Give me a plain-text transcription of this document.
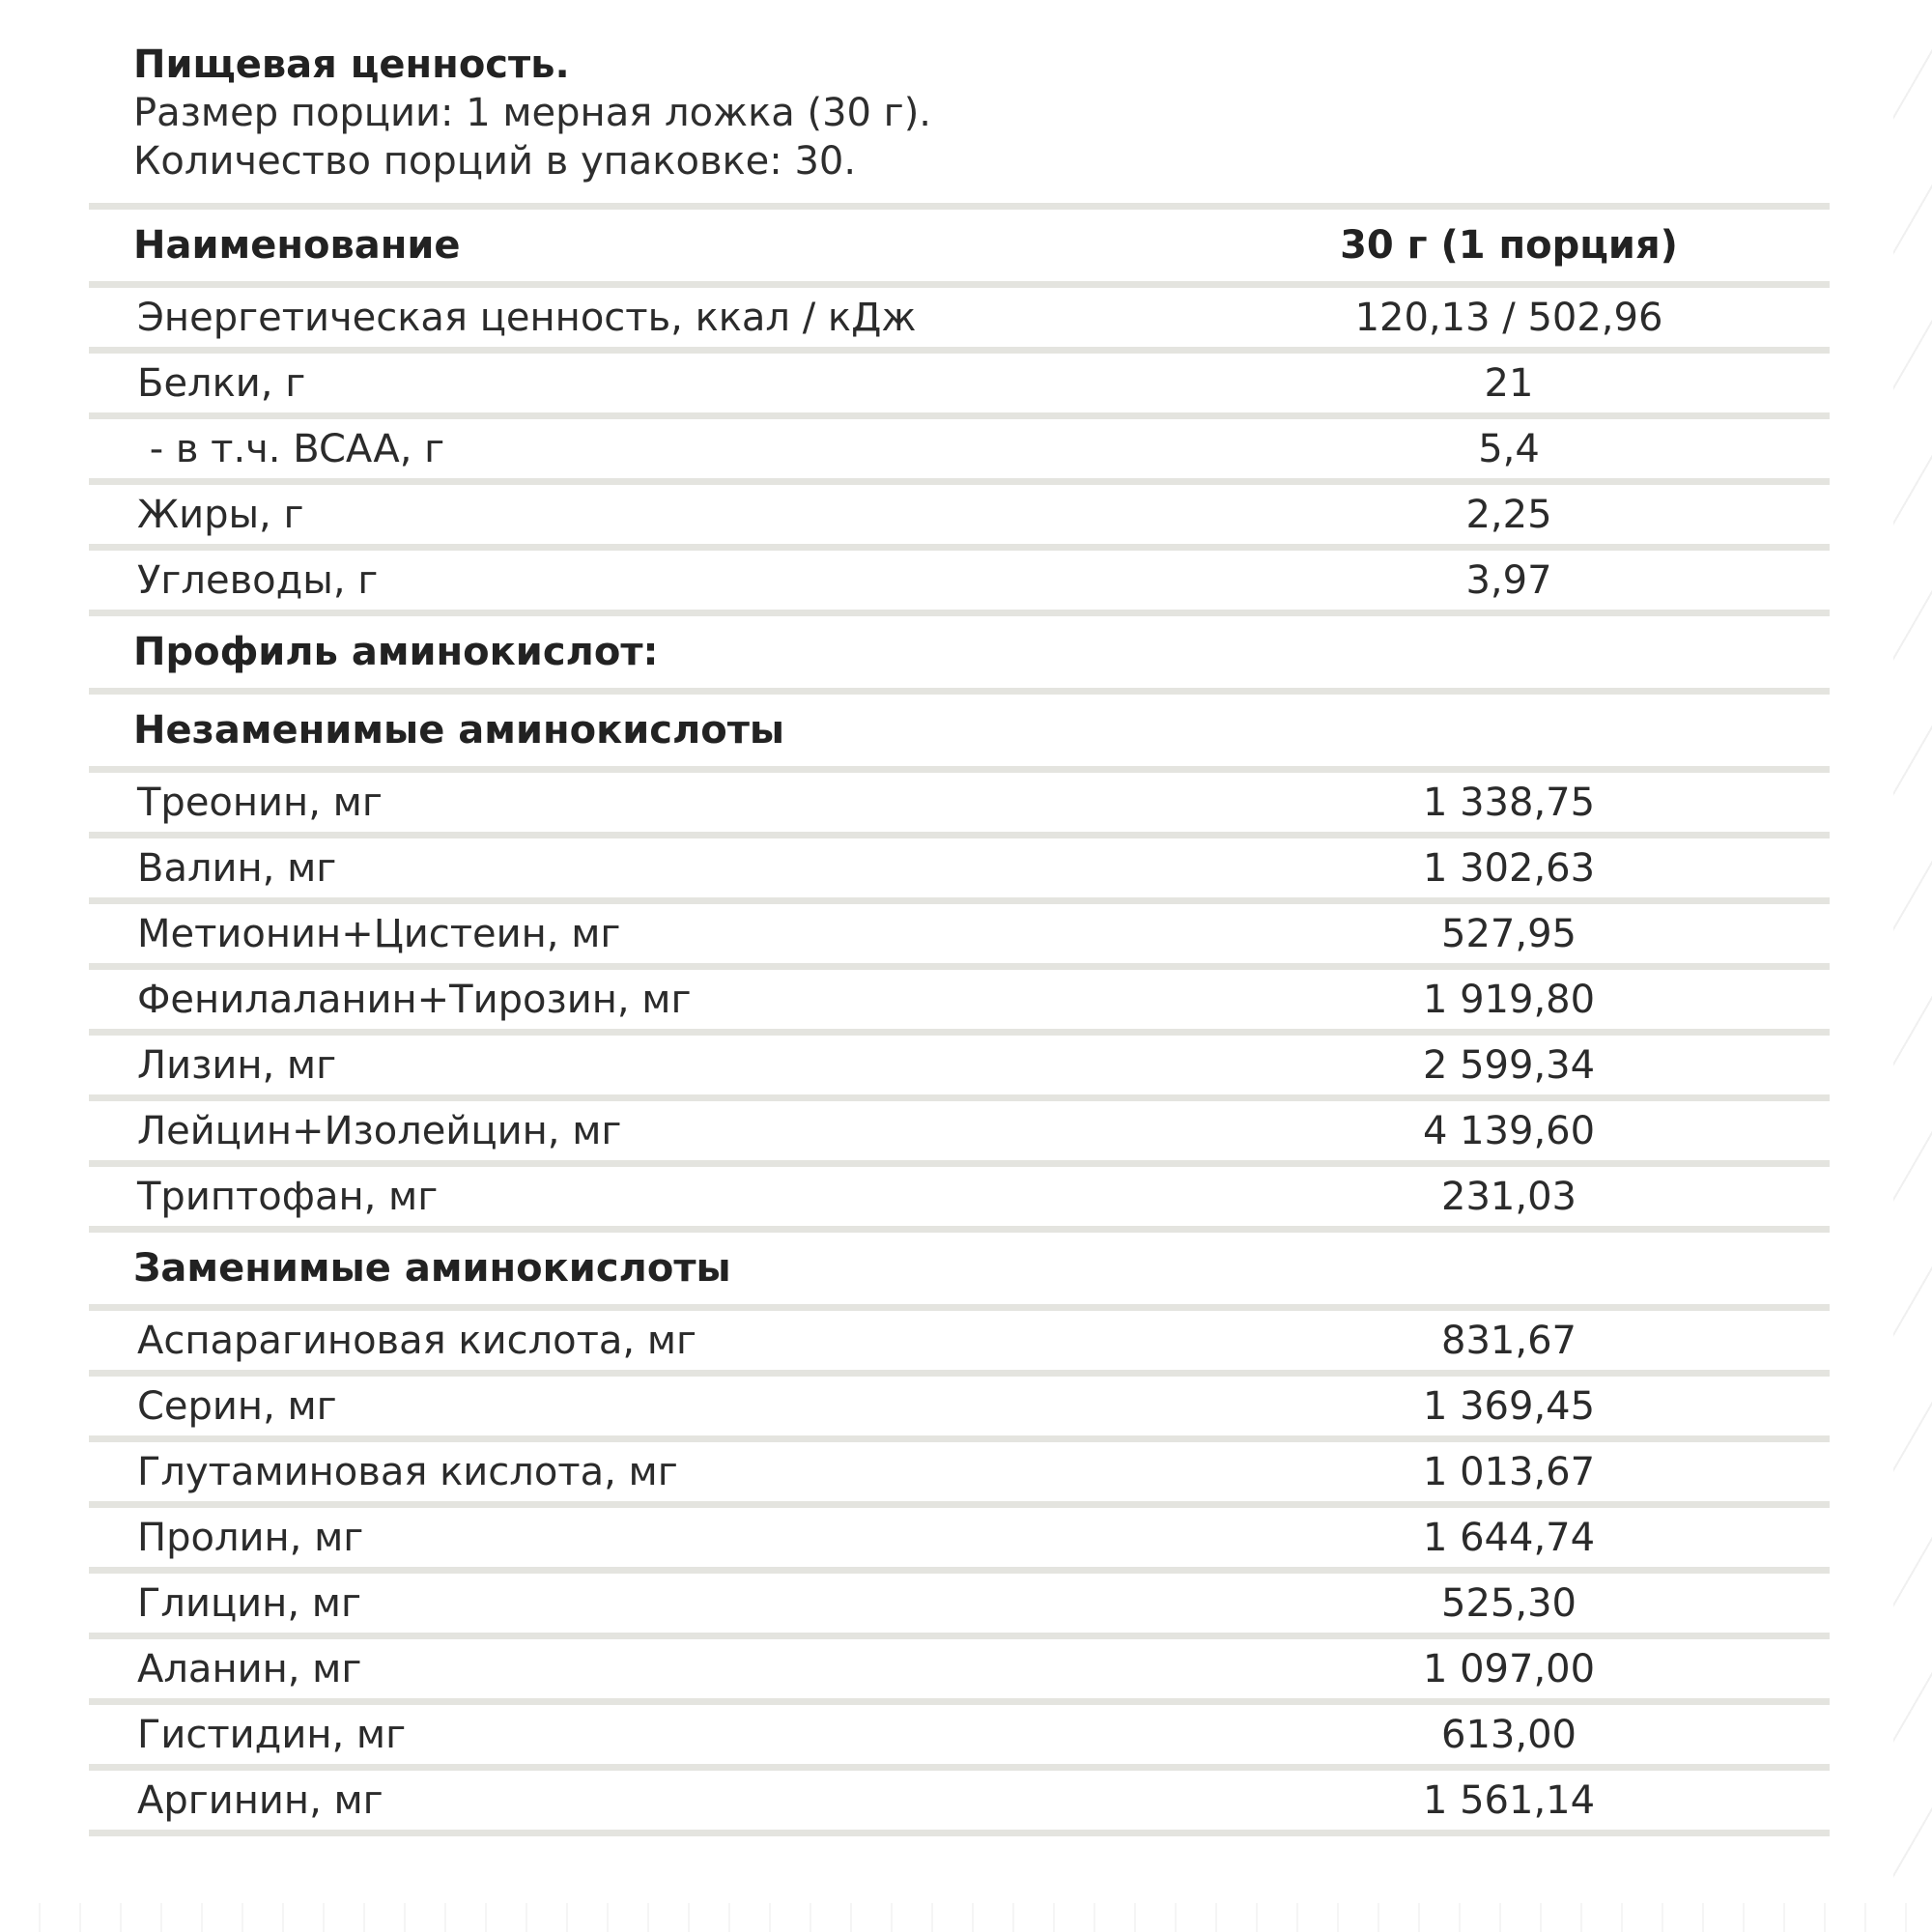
Пищевая ценность.
Размер порции: 1 мерная ложка (30 г).
Количество порций в упаковке: 30.
Наименование	30 г (1 порция)
Энергетическая ценность, ккал / кДж	120,13 / 502,96
Белки, г	21
- в т.ч. BCAA, г	5,4
Жиры, г	2,25
Углеводы, г	3,97
Профиль аминокислот:
Незаменимые аминокислоты
Треонин, мг	1 338,75
Валин, мг	1 302,63
Метионин+Цистеин, мг	527,95
Фенилаланин+Тирозин, мг	1 919,80
Лизин, мг	2 599,34
Лейцин+Изолейцин, мг	4 139,60
Триптофан, мг	231,03
Заменимые аминокислоты
Аспарагиновая кислота, мг	831,67
Серин, мг	1 369,45
Глутаминовая кислота, мг	1 013,67
Пролин, мг	1 644,74
Глицин, мг	525,30
Аланин, мг	1 097,00
Гистидин, мг	613,00
Аргинин, мг	1 561,14
